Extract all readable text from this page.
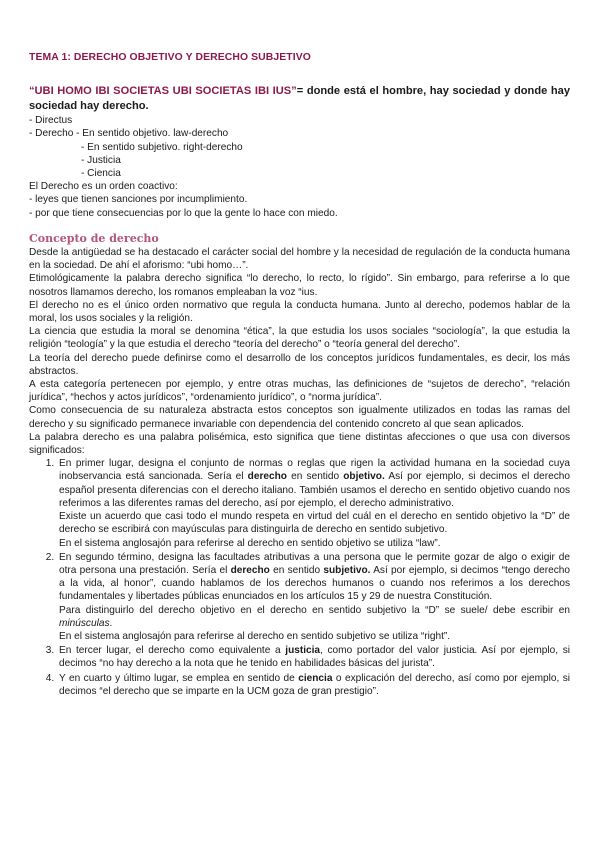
TEMA 1: DERECHO OBJETIVO Y DERECHO SUBJETIVO

“UBI HOMO IBI SOCIETAS UBI SOCIETAS IBI IUS”= donde está el hombre, hay sociedad y donde hay sociedad hay derecho.

- Directus

- Derecho - En sentido objetivo. law-derecho

- En sentido subjetivo. right-derecho

- Justicia

- Ciencia

El Derecho es un orden coactivo:

- leyes que tienen sanciones por incumplimiento.

- por que tiene consecuencias por lo que la gente lo hace con miedo.

Concepto de derecho

Desde la antigüedad se ha destacado el carácter social del hombre y la necesidad de regulación de la conducta humana en la sociedad. De ahí el aforismo: “ubi homo…”.

Etimológicamente la palabra derecho significa “lo derecho, lo recto, lo rígido”. Sin embargo, para referirse a lo que nosotros llamamos derecho, los romanos empleaban la voz “ius.

El derecho no es el único orden normativo que regula la conducta humana. Junto al derecho, podemos hablar de la moral, los usos sociales y la religión.

La ciencia que estudia la moral se denomina “ética”, la que estudia los usos sociales “sociología”, la que estudia la religión “teología” y la que estudia el derecho “teoría del derecho” o “teoría general del derecho”.

La teoría del derecho puede definirse como el desarrollo de los conceptos jurídicos fundamentales, es decir, los más abstractos.

A esta categoría pertenecen por ejemplo, y entre otras muchas, las definiciones de “sujetos de derecho”, “relación jurídica”, “hechos y actos jurídicos”, “ordenamiento jurídico”, o “norma jurídica”.

Como consecuencia de su naturaleza abstracta estos conceptos son igualmente utilizados en todas las ramas del derecho y su significado permanece invariable con dependencia del contenido concreto al que sean aplicados.

La palabra derecho es una palabra polisémica, esto significa que tiene distintas afecciones o que usa con diversos significados:

1. En primer lugar, designa el conjunto de normas o reglas que rigen la actividad humana en la sociedad cuya inobservancia está sancionada. Sería el derecho en sentido objetivo. Así por ejemplo, si decimos el derecho español presenta diferencias con el derecho italiano. También usamos el derecho en sentido objetivo cuando nos referimos a las diferentes ramas del derecho, así por ejemplo, el derecho administrativo.

Existe un acuerdo que casi todo el mundo respeta en virtud del cuál en el derecho en sentido objetivo la “D” de derecho se escribirá con mayúsculas para distinguirla de derecho en sentido subjetivo.

En el sistema anglosajón para referirse al derecho en sentido objetivo se utiliza “law”.

2. En segundo término, designa las facultades atributivas a una persona que le permite gozar de algo o exigir de otra persona una prestación. Sería el derecho en sentido subjetivo. Así por ejemplo, si decimos “tengo derecho a la vida, al honor”, cuando hablamos de los derechos humanos o cuando nos referimos a los derechos fundamentales y libertades públicas enunciados en los artículos 15 y 29 de nuestra Constitución.

Para distinguirlo del derecho objetivo en el derecho en sentido subjetivo la “D” se suele/ debe escribir en minúsculas.

En el sistema anglosajón para referirse al derecho en sentido subjetivo se utiliza “right”.

3. En tercer lugar, el derecho como equivalente a justicia, como portador del valor justicia. Así por ejemplo, si decimos “no hay derecho a la nota que he tenido en habilidades básicas del jurista”.

4. Y en cuarto y último lugar, se emplea en sentido de ciencia o explicación del derecho, así como por ejemplo, si decimos “el derecho que se imparte en la UCM goza de gran prestigio”.
